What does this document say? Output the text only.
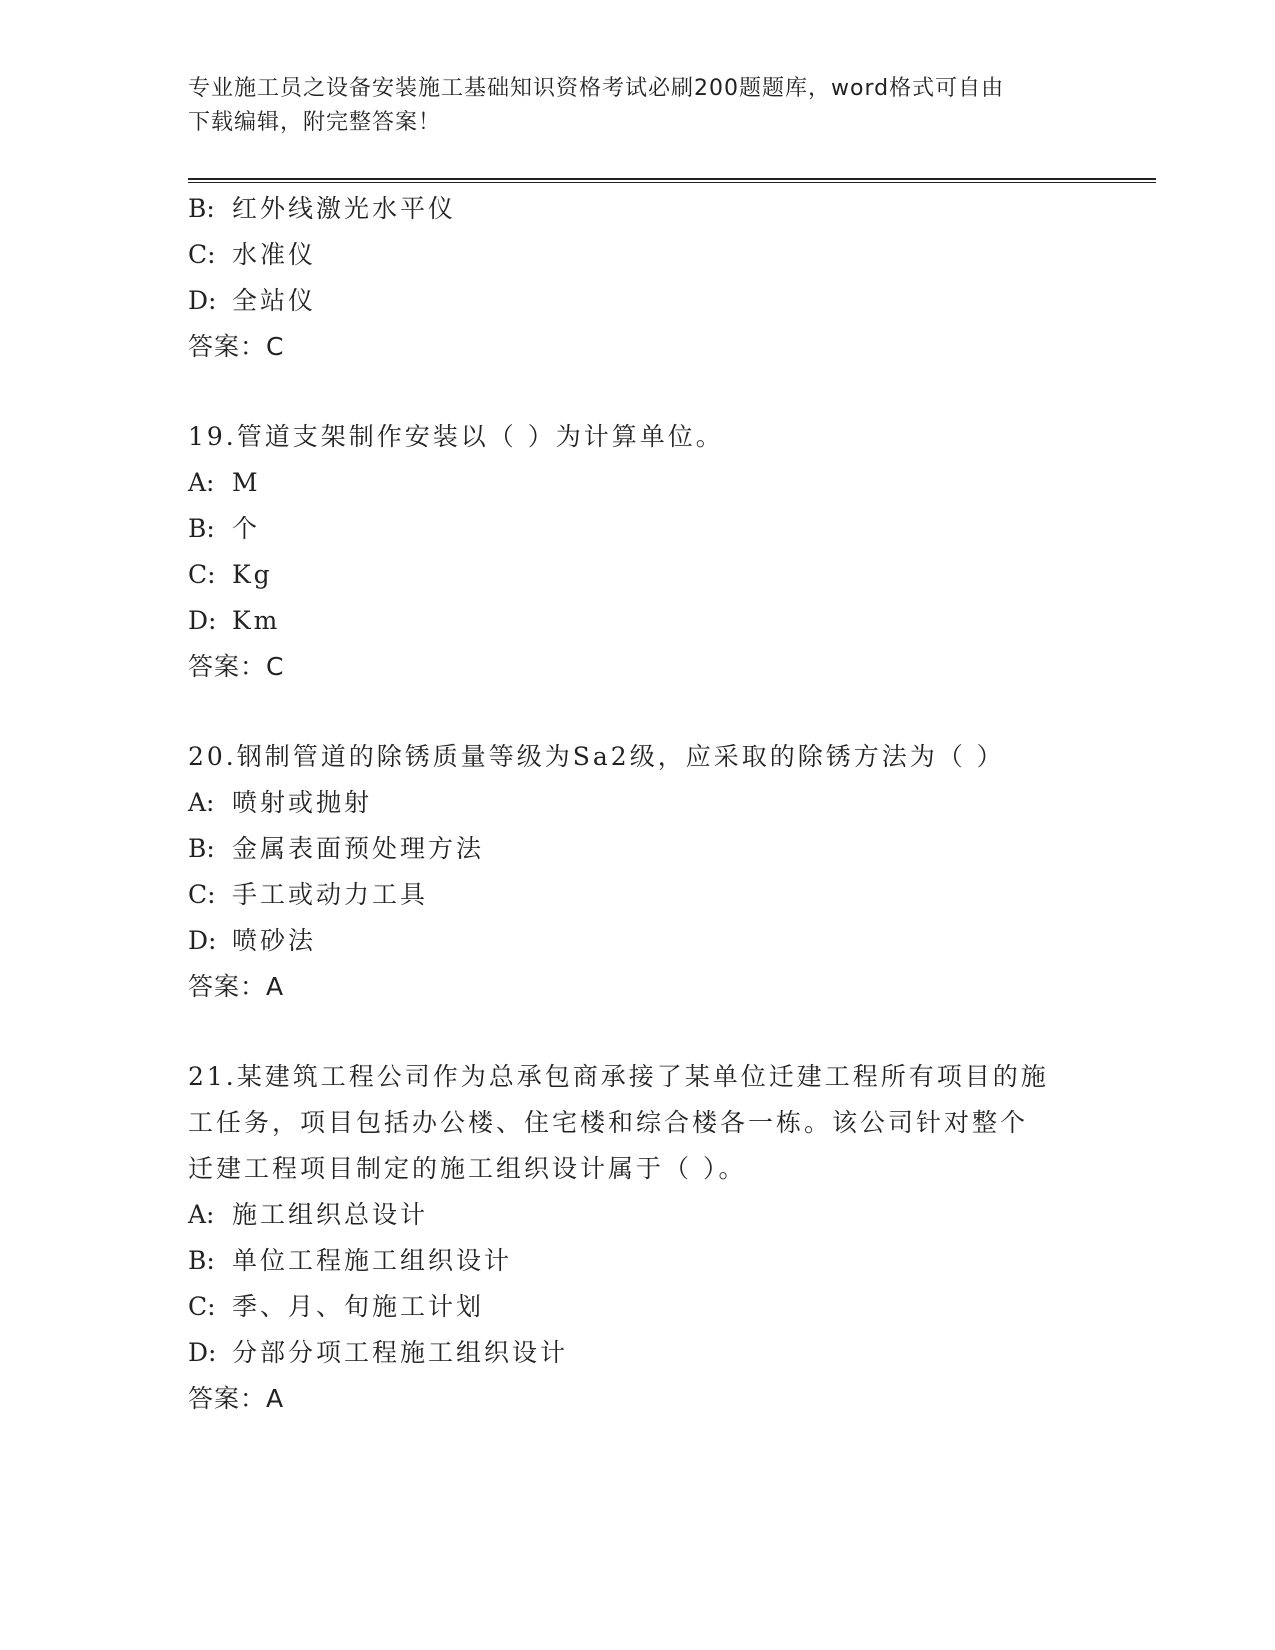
专业施工员之设备安装施工基础知识资格考试必刷200题题库，word格式可自由
下载编辑，附完整答案！
B: 红外线激光水平仪
C: 水准仪
D: 全站仪
答案：C
19.管道支架制作安装以（ ）为计算单位。
A: M
B: 个
C: Kg
D: Km
答案：C
20.钢制管道的除锈质量等级为Sa2级，应采取的除锈方法为（ ）
A: 喷射或抛射
B: 金属表面预处理方法
C: 手工或动力工具
D: 喷砂法
答案：A
21.某建筑工程公司作为总承包商承接了某单位迁建工程所有项目的施
工任务，项目包括办公楼、住宅楼和综合楼各一栋。该公司针对整个
迁建工程项目制定的施工组织设计属于（ ）。
A: 施工组织总设计
B: 单位工程施工组织设计
C: 季、月、旬施工计划
D: 分部分项工程施工组织设计
答案：A
